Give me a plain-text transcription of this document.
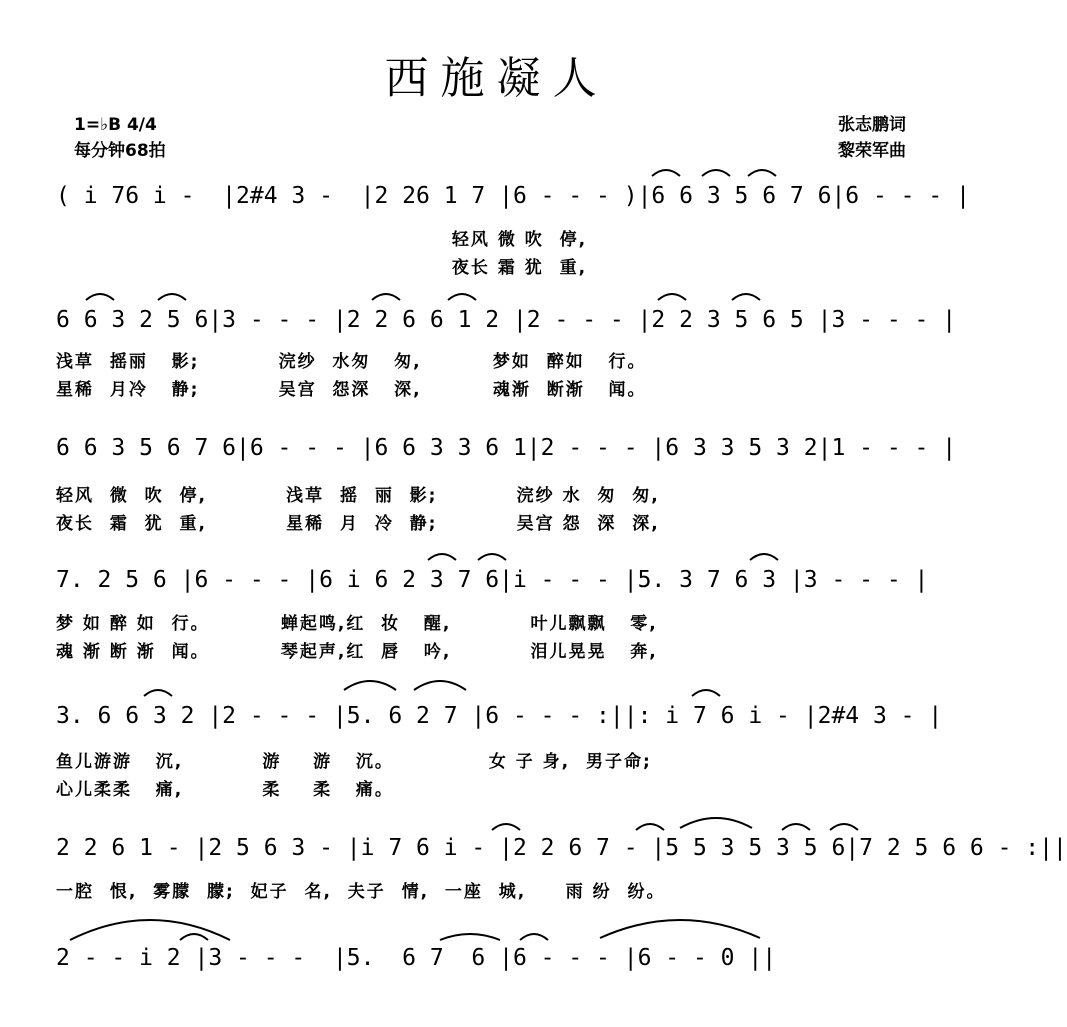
西施凝人
1=♭B 4/4
每分钟68拍
张志鹏词
黎荣军曲
( i 76 i -  |2#4 3 -  |2 26 1 7 |6 - - - )|6 6 3 5 6 7 6|6 - - - |
轻风 微 吹  停,
夜长 霜 犹  重,
6 6 3 2 5 6|3 - - - |2 2 6 6 1 2 |2 - - - |2 2 3 5 6 5 |3 - - - |
浅草  摇丽   影;          浣纱  水匆   匆,         梦如  醉如   行。
星稀  月冷   静;          吴宫  怨深   深,         魂渐  断渐   闻。
6 6 3 5 6 7 6|6 - - - |6 6 3 3 6 1|2 - - - |6 3 3 5 3 2|1 - - - |
轻风  微  吹  停,          浅草  摇  丽  影;          浣纱 水  匆  匆,
夜长  霜  犹  重,          星稀  月  冷  静;          吴宫 怨  深  深,
7. 2 5 6 |6 - - - |6 i 6 2 3 7 6|i - - - |5. 3 7 6 3 |3 - - - |
梦 如 醉 如  行。         蝉起鸣,红  妆   醒,          叶儿飘飘   零,
魂 渐 断 渐  闻。         琴起声,红  唇   吟,          泪儿晃晃   奔,
3. 6 6 3 2 |2 - - - |5. 6 2 7 |6 - - - :||: i 7 6 i - |2#4 3 - |
鱼儿游游   沉,          游    游   沉。            女 子 身,  男子命;
心儿柔柔   痛,          柔    柔   痛。
2 2 6 1 - |2 5 6 3 - |i 7 6 i - |2 2 6 7 - |5 5 3 5 3 5 6|7 2 5 6 6 - :||
一腔  恨,  雾朦  朦;  妃子  名,  夫子  情,  一座  城,     雨 纷  纷。
2 - - i 2 |3 - - -  |5.  6 7  6 |6 - - - |6 - - 0 ||
